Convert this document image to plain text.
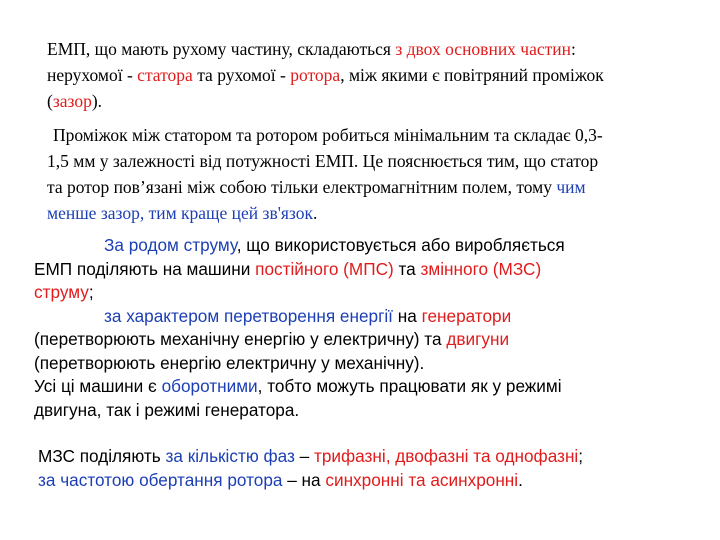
ЕМП, що мають рухому частину, складаються з двох основних частин:
нерухомої - статора та рухомої - ротора, між якими є повітряний проміжок
(зазор).
Проміжок між статором та ротором робиться мінімальним та складає 0,3-
1,5 мм у залежності від потужності ЕМП. Це пояснюється тим, що статор
та ротор пов’язані між собою тільки електромагнітним полем, тому чим
менше зазор, тим краще цей зв'язок.
За родом струму, що використовується або виробляється
ЕМП поділяють на машини постійного (МПС) та змінного (МЗС)
струму;
за характером перетворення енергії на генератори
(перетворюють механічну енергію у електричну) та двигуни
(перетворюють енергію електричну у механічну).
Усі ці машини є оборотними, тобто можуть працювати як у режимі
двигуна, так і режимі генератора.
МЗС поділяють за кількістю фаз – трифазні, двофазні та однофазні;
за частотою обертання ротора – на синхронні та асинхронні.
